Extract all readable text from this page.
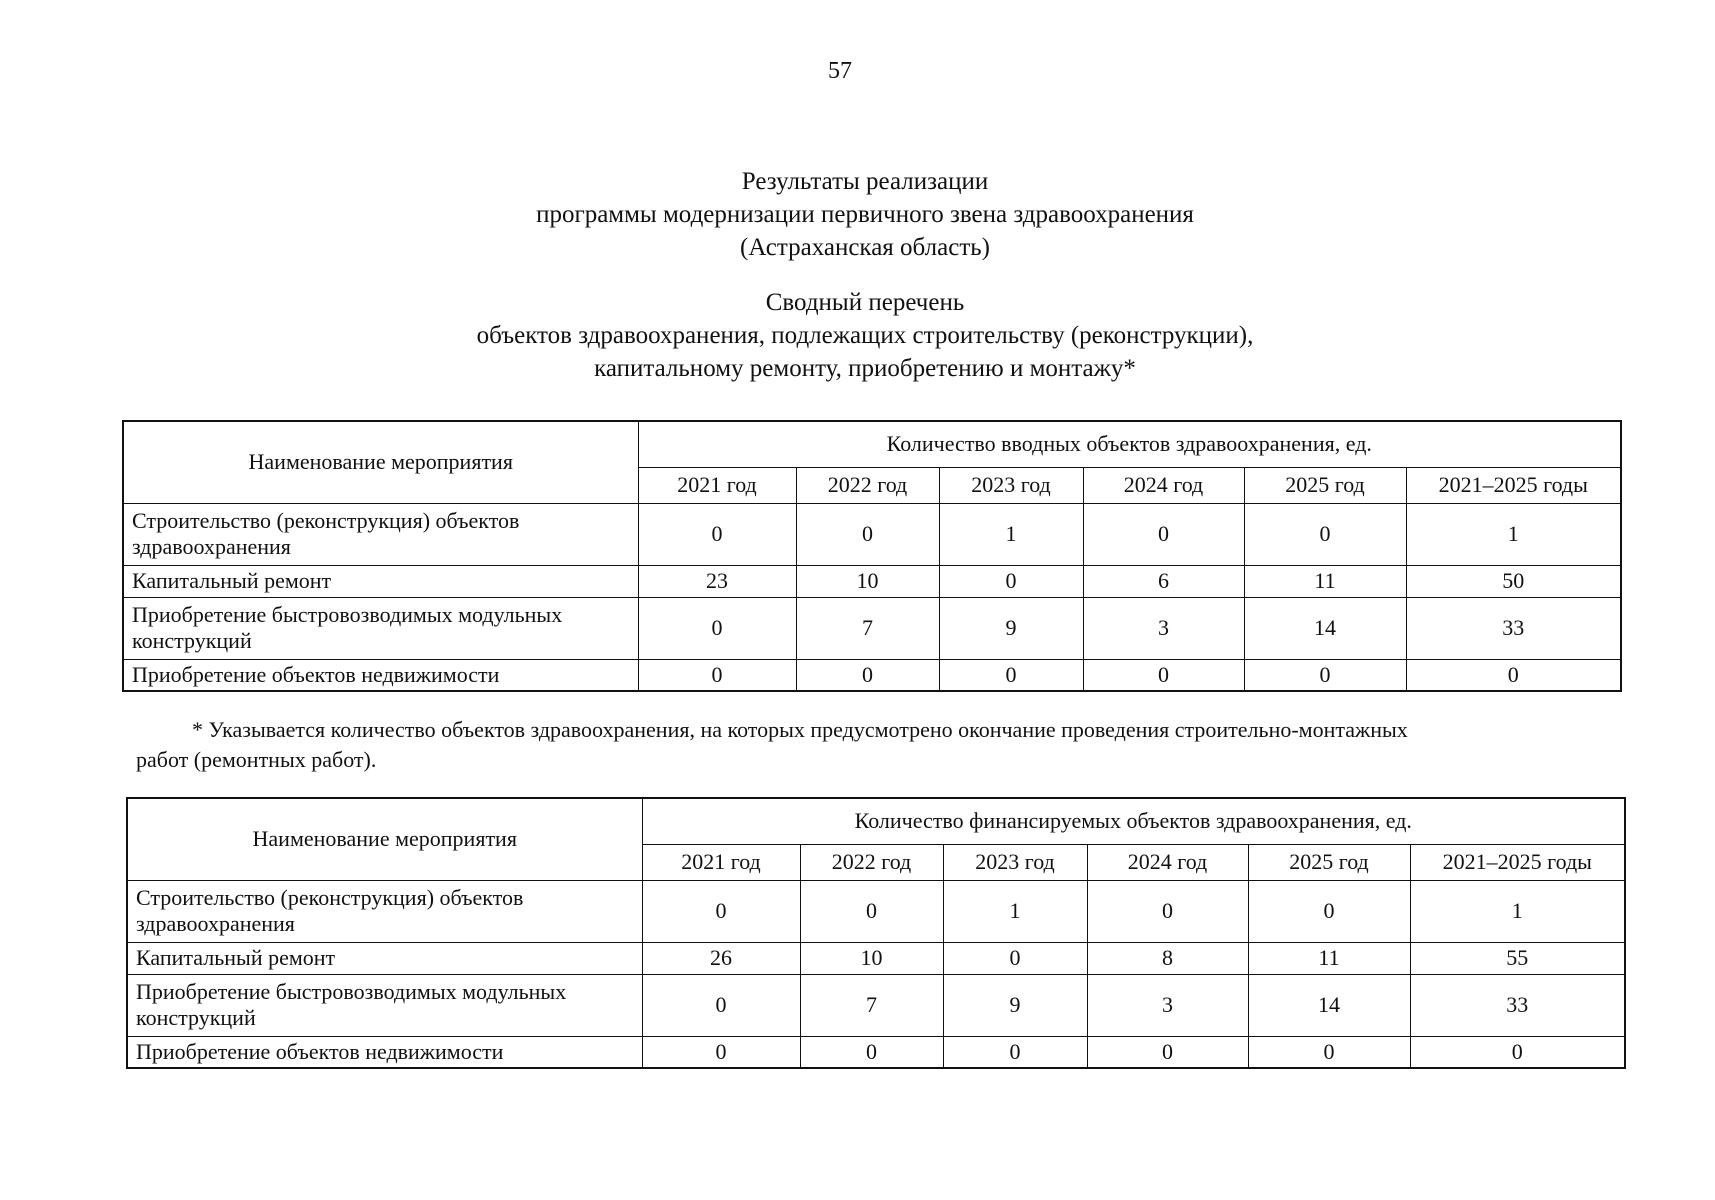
57

Результаты реализации

программы модернизации первичного звена здравоохранения

(Астраханская область)

Сводный перечень

объектов здравоохранения, подлежащих строительству (реконструкции),

капитальному ремонту, приобретению и монтажу*

Наименование мероприятия	Количество вводных объектов здравоохранения, ед.					
	2021 год	2022 год	2023 год	2024 год	2025 год	2021–2025 годы
Строительство (реконструкция) объектов здравоохранения	0	0	1	0	0	1
Капитальный ремонт	23	10	0	6	11	50
Приобретение быстровозводимых модульных конструкций	0	7	9	3	14	33
Приобретение объектов недвижимости	0	0	0	0	0	0
* Указывается количество объектов здравоохранения, на которых предусмотрено окончание проведения строительно-монтажных
работ (ремонтных работ).
Наименование мероприятия	Количество финансируемых объектов здравоохранения, ед.					
	2021 год	2022 год	2023 год	2024 год	2025 год	2021–2025 годы
Строительство (реконструкция) объектов здравоохранения	0	0	1	0	0	1
Капитальный ремонт	26	10	0	8	11	55
Приобретение быстровозводимых модульных конструкций	0	7	9	3	14	33
Приобретение объектов недвижимости	0	0	0	0	0	0
